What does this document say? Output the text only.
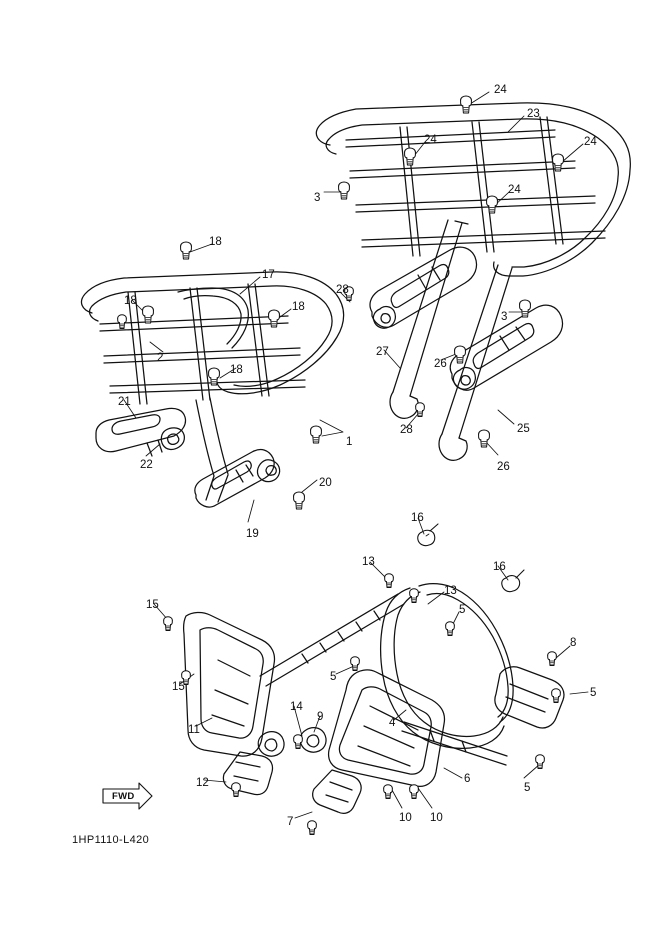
24
23
24	24
3
24
18
17
28
18	18
3
2	27
18	26
21
28	25
1
22	26
20
19
16
16
13
13
15	5
8
5
15	5
14
9	4
11
6
5
12
7	10 10
FWD
1HP1110-L420
